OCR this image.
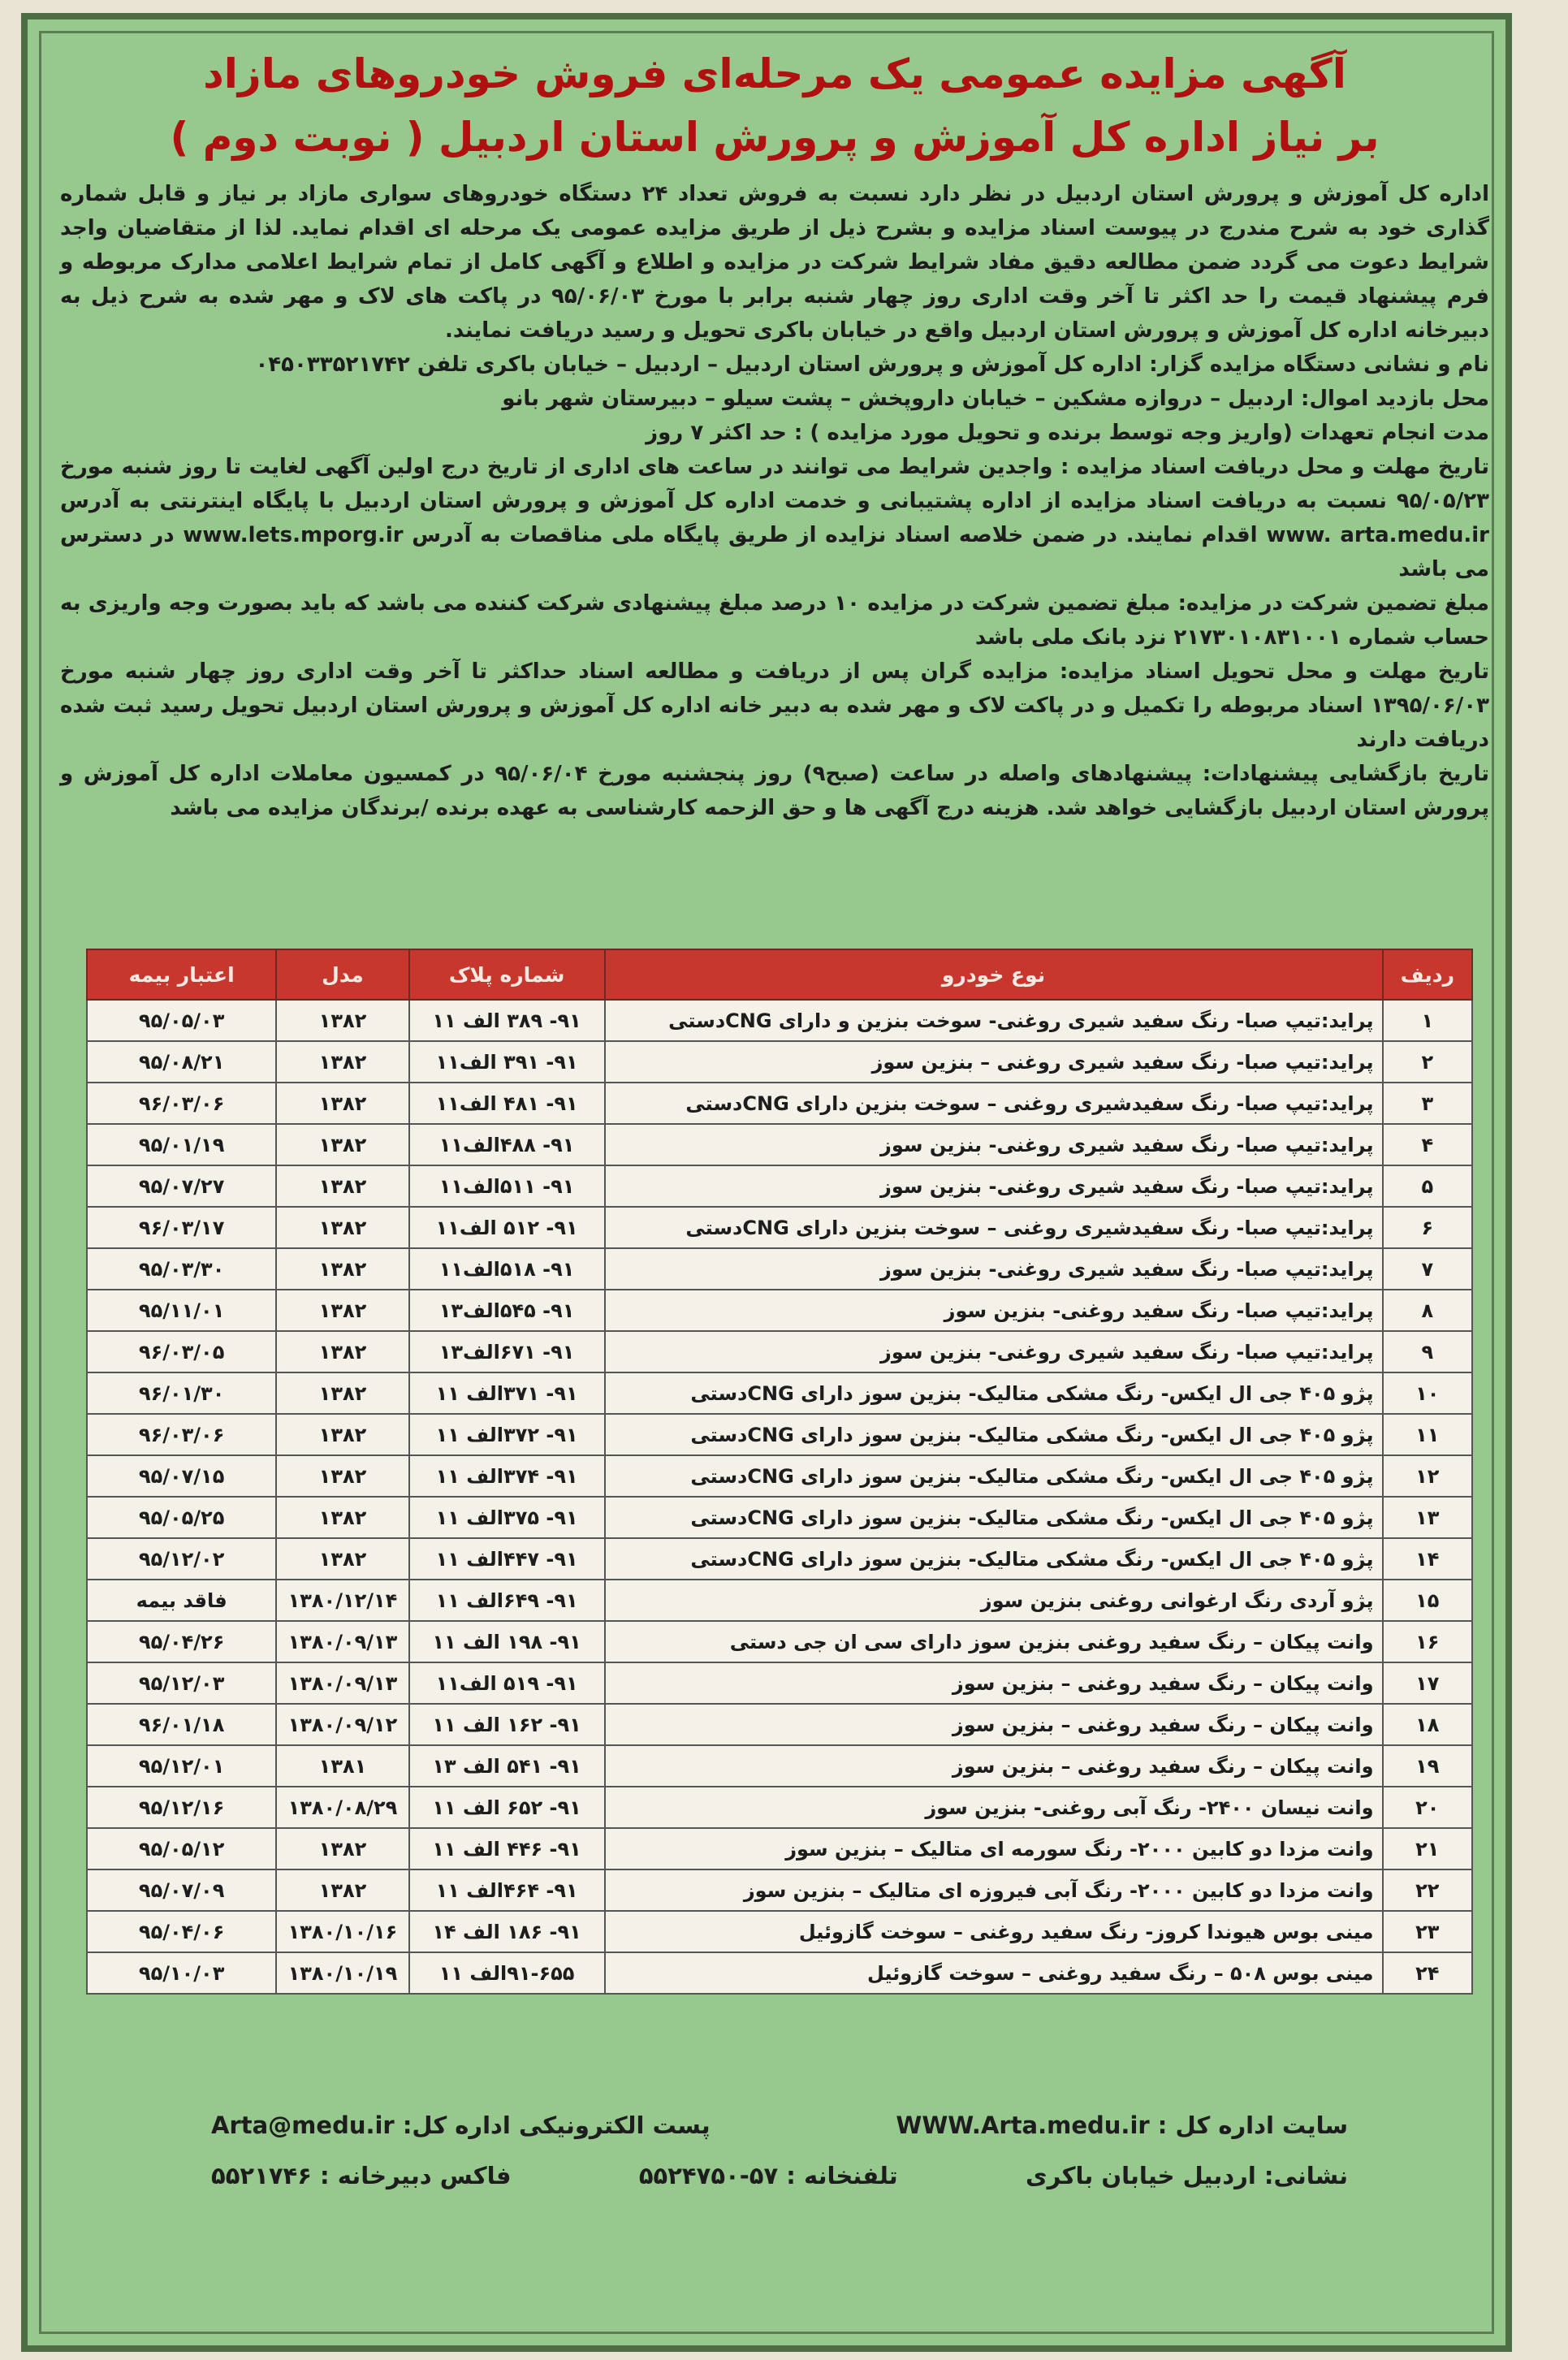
آگهی مزایده عمومی یک مرحله‌ای فروش خودروهای مازاد
بر نیاز اداره کل آموزش و پرورش استان اردبیل ( نوبت دوم )

اداره کل آموزش و پرورش استان اردبیل در نظر دارد نسبت به فروش تعداد ۲۴ دستگاه خودروهای سواری مازاد بر نیاز و قابل شماره گذاری خود به شرح مندرج در پیوست اسناد مزایده و بشرح ذیل از طریق مزایده عمومی یک مرحله ای اقدام نماید. لذا از متقاضیان واجد شرایط دعوت می گردد ضمن مطالعه دقیق مفاد شرایط شرکت در مزایده و اطلاع و آگهی کامل از تمام شرایط اعلامی مدارک مربوطه و فرم پیشنهاد قیمت را حد اکثر تا آخر وقت اداری روز چهار شنبه برابر با مورخ ۹۵/۰۶/۰۳ در پاکت های لاک و مهر شده به شرح ذیل به دبیرخانه اداره کل آموزش و پرورش استان اردبیل واقع در خیابان باکری تحویل و رسید دریافت نمایند.

نام و نشانی دستگاه مزایده گزار: اداره کل آموزش و پرورش استان اردبیل – اردبیل – خیابان باکری تلفن ۰۴۵۰۳۳۵۲۱۷۴۲

محل بازدید اموال: اردبیل – دروازه مشکین – خیابان داروپخش – پشت سیلو – دبیرستان شهر بانو

مدت انجام تعهدات (واریز وجه توسط برنده و تحویل مورد مزایده ) : حد اکثر ۷ روز

تاریخ مهلت و محل دریافت اسناد مزایده : واجدین شرایط می توانند در ساعت های اداری از تاریخ درج اولین آگهی لغایت تا روز شنبه مورخ ۹۵/۰۵/۲۳ نسبت به دریافت اسناد مزایده از اداره پشتیبانی و خدمت اداره کل آموزش و پرورش استان اردبیل با پایگاه اینترنتی به آدرس www. arta.medu.ir اقدام نمایند. در ضمن خلاصه اسناد نزایده از طریق پایگاه ملی مناقصات به آدرس www.lets.mporg.ir در دسترس می باشد

مبلغ تضمین شرکت در مزایده: مبلغ تضمین شرکت در مزایده ۱۰ درصد مبلغ پیشنهادی شرکت کننده می باشد که باید بصورت وجه واریزی به حساب شماره ۲۱۷۳۰۱۰۸۳۱۰۰۱ نزد بانک ملی باشد

تاریخ مهلت و محل تحویل اسناد مزایده: مزایده گران پس از دریافت و مطالعه اسناد حداکثر تا آخر وقت اداری روز چهار شنبه مورخ ۱۳۹۵/۰۶/۰۳ اسناد مربوطه را تکمیل و در پاکت لاک و مهر شده به دبیر خانه اداره کل آموزش و پرورش استان اردبیل تحویل رسید ثبت شده دریافت دارند

تاریخ بازگشایی پیشنهادات: پیشنهادهای واصله در ساعت (صبح۹) روز پنجشنبه مورخ ۹۵/۰۶/۰۴ در کمسیون معاملات اداره کل آموزش و پرورش استان اردبیل بازگشایی خواهد شد. هزینه درج آگهی ها و حق الزحمه کارشناسی به عهده برنده /برندگان مزایده می باشد

ردیف	نوع خودرو	شماره پلاک	مدل	اعتبار بیمه
۱	پراید:تیپ صبا- رنگ سفید شیری روغنی- سوخت بنزین و دارای CNGدستی	۹۱- ۳۸۹ الف ۱۱	۱۳۸۲	۹۵/۰۵/۰۳
۲	پراید:تیپ صبا- رنگ سفید شیری روغنی – بنزین سوز	۹۱- ۳۹۱ الف۱۱	۱۳۸۲	۹۵/۰۸/۲۱
۳	پراید:تیپ صبا- رنگ سفیدشیری روغنی – سوخت بنزین دارای CNGدستی	۹۱- ۴۸۱ الف۱۱	۱۳۸۲	۹۶/۰۳/۰۶
۴	پراید:تیپ صبا- رنگ سفید شیری روغنی- بنزین سوز	۹۱- ۴۸۸الف۱۱	۱۳۸۲	۹۵/۰۱/۱۹
۵	پراید:تیپ صبا- رنگ سفید شیری روغنی- بنزین سوز	۹۱- ۵۱۱الف۱۱	۱۳۸۲	۹۵/۰۷/۲۷
۶	پراید:تیپ صبا- رنگ سفیدشیری روغنی – سوخت بنزین دارای CNGدستی	۹۱- ۵۱۲ الف۱۱	۱۳۸۲	۹۶/۰۳/۱۷
۷	پراید:تیپ صبا- رنگ سفید شیری روغنی- بنزین سوز	۹۱- ۵۱۸الف۱۱	۱۳۸۲	۹۵/۰۳/۳۰
۸	پراید:تیپ صبا- رنگ سفید روغنی- بنزین سوز	۹۱- ۵۴۵الف۱۳	۱۳۸۲	۹۵/۱۱/۰۱
۹	پراید:تیپ صبا- رنگ سفید شیری روغنی- بنزین سوز	۹۱- ۶۷۱الف۱۳	۱۳۸۲	۹۶/۰۳/۰۵
۱۰	پژو ۴۰۵ جی ال ایکس- رنگ مشکی متالیک- بنزین سوز دارای CNGدستی	۹۱- ۳۷۱الف ۱۱	۱۳۸۲	۹۶/۰۱/۳۰
۱۱	پژو ۴۰۵ جی ال ایکس- رنگ مشکی متالیک- بنزین سوز دارای CNGدستی	۹۱- ۳۷۲الف ۱۱	۱۳۸۲	۹۶/۰۳/۰۶
۱۲	پژو ۴۰۵ جی ال ایکس- رنگ مشکی متالیک- بنزین سوز دارای CNGدستی	۹۱- ۳۷۴الف ۱۱	۱۳۸۲	۹۵/۰۷/۱۵
۱۳	پژو ۴۰۵ جی ال ایکس- رنگ مشکی متالیک- بنزین سوز دارای CNGدستی	۹۱- ۳۷۵الف ۱۱	۱۳۸۲	۹۵/۰۵/۲۵
۱۴	پژو ۴۰۵ جی ال ایکس- رنگ مشکی متالیک- بنزین سوز دارای CNGدستی	۹۱- ۴۴۷الف ۱۱	۱۳۸۲	۹۵/۱۲/۰۲
۱۵	پژو آردی رنگ ارغوانی روغنی بنزین سوز	۹۱- ۶۴۹الف ۱۱	۱۳۸۰/۱۲/۱۴	فاقد بیمه
۱۶	وانت پیکان – رنگ سفید روغنی بنزین سوز دارای سی ان جی دستی	۹۱- ۱۹۸ الف ۱۱	۱۳۸۰/۰۹/۱۳	۹۵/۰۴/۲۶
۱۷	وانت پیکان – رنگ سفید روغنی – بنزین سوز	۹۱- ۵۱۹ الف۱۱	۱۳۸۰/۰۹/۱۳	۹۵/۱۲/۰۳
۱۸	وانت پیکان – رنگ سفید روغنی – بنزین سوز	۹۱- ۱۶۲ الف ۱۱	۱۳۸۰/۰۹/۱۲	۹۶/۰۱/۱۸
۱۹	وانت پیکان – رنگ سفید روغنی – بنزین سوز	۹۱- ۵۴۱ الف ۱۳	۱۳۸۱	۹۵/۱۲/۰۱
۲۰	وانت نیسان ۲۴۰۰- رنگ آبی روغنی- بنزین سوز	۹۱- ۶۵۲ الف ۱۱	۱۳۸۰/۰۸/۲۹	۹۵/۱۲/۱۶
۲۱	وانت مزدا دو کابین ۲۰۰۰- رنگ سورمه ای متالیک – بنزین سوز	۹۱- ۴۴۶ الف ۱۱	۱۳۸۲	۹۵/۰۵/۱۲
۲۲	وانت مزدا دو کابین ۲۰۰۰- رنگ آبی فیروزه ای متالیک – بنزین سوز	۹۱- ۴۶۴الف ۱۱	۱۳۸۲	۹۵/۰۷/۰۹
۲۳	مینی بوس هیوندا کروز- رنگ سفید روغنی – سوخت گازوئیل	۹۱- ۱۸۶ الف ۱۴	۱۳۸۰/۱۰/۱۶	۹۵/۰۴/۰۶
۲۴	مینی بوس ۵۰۸ – رنگ سفید روغنی – سوخت گازوئیل	۹۱-۶۵۵الف ۱۱	۱۳۸۰/۱۰/۱۹	۹۵/۱۰/۰۳
سایت اداره کل : WWW.Arta.medu.ir
پست الکترونیکی اداره کل: Arta@medu.ir
نشانی: اردبیل خیابان باکری
تلفنخانه : ۵۷-۵۵۲۴۷۵۰
فاکس دبیرخانه : ۵۵۲۱۷۴۶
